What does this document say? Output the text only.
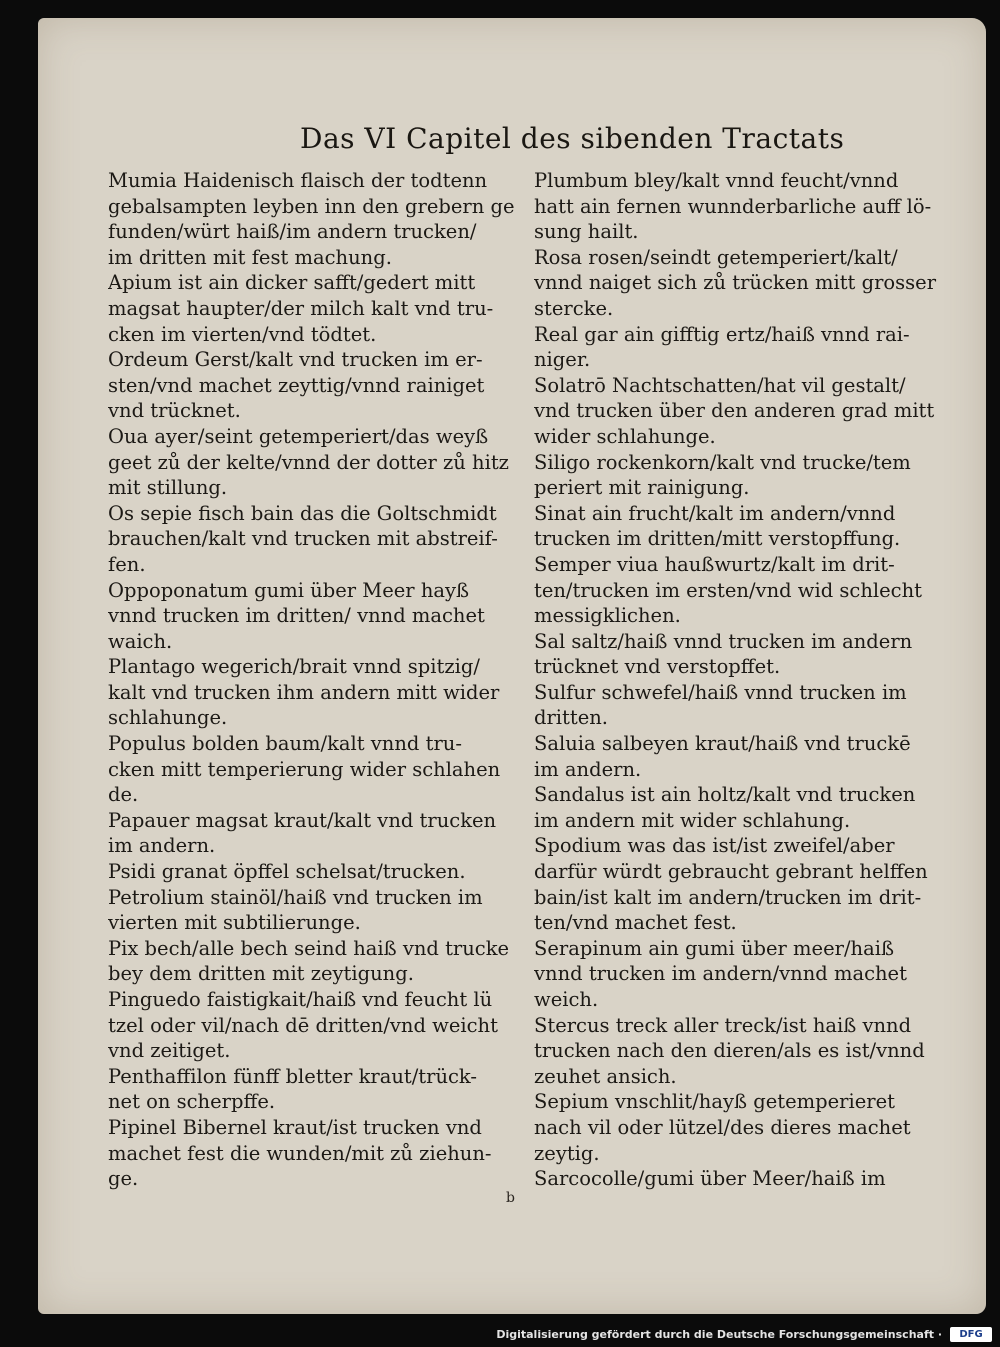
Das VI Capitel des sibenden Tractats
Mumia Haidenisch flaisch der todtenn
gebalsampten leyben inn den grebern ge
funden/würt haiß/im andern trucken/
im dritten mit fest machung.
Apium ist ain dicker safft/gedert mitt
magsat haupter/der milch kalt vnd tru-
cken im vierten/vnd tödtet.
Ordeum Gerst/kalt vnd trucken im er-
sten/vnd machet zeyttig/vnnd rainiget
vnd trücknet.
Oua ayer/seint getemperiert/das weyß
geet zů der kelte/vnnd der dotter zů hitz
mit stillung.
Os sepie fisch bain das die Goltschmidt
brauchen/kalt vnd trucken mit abstreif-
fen.
Oppoponatum gumi über Meer hayß
vnnd trucken im dritten/ vnnd machet
waich.
Plantago wegerich/brait vnnd spitzig/
kalt vnd trucken ihm andern mitt wider
schlahunge.
Populus bolden baum/kalt vnnd tru-
cken mitt temperierung wider schlahen
de.
Papauer magsat kraut/kalt vnd trucken
im andern.
Psidi granat öpffel schelsat/trucken.
Petrolium stainöl/haiß vnd trucken im
vierten mit subtilierunge.
Pix bech/alle bech seind haiß vnd trucke
bey dem dritten mit zeytigung.
Pinguedo faistigkait/haiß vnd feucht lü
tzel oder vil/nach dē dritten/vnd weicht
vnd zeitiget.
Penthaffilon fünff bletter kraut/trück-
net on scherpffe.
Pipinel Bibernel kraut/ist trucken vnd
machet fest die wunden/mit zů ziehun-
ge.
Plumbum bley/kalt vnnd feucht/vnnd
hatt ain fernen wunnderbarliche auff lö-
sung hailt.
Rosa rosen/seindt getemperiert/kalt/
vnnd naiget sich zů trücken mitt grosser
stercke.
Real gar ain gifftig ertz/haiß vnnd rai-
niger.
Solatrō Nachtschatten/hat vil gestalt/
vnd trucken über den anderen grad mitt
wider schlahunge.
Siligo rockenkorn/kalt vnd trucke/tem
periert mit rainigung.
Sinat ain frucht/kalt im andern/vnnd
trucken im dritten/mitt verstopffung.
Semper viua haußwurtz/kalt im drit-
ten/trucken im ersten/vnd wid schlecht
messigklichen.
Sal saltz/haiß vnnd trucken im andern
trücknet vnd verstopffet.
Sulfur schwefel/haiß vnnd trucken im
dritten.
Saluia salbeyen kraut/haiß vnd truckē
im andern.
Sandalus ist ain holtz/kalt vnd trucken
im andern mit wider schlahung.
Spodium was das ist/ist zweifel/aber
darfür würdt gebraucht gebrant helffen
bain/ist kalt im andern/trucken im drit-
ten/vnd machet fest.
Serapinum ain gumi über meer/haiß
vnnd trucken im andern/vnnd machet
weich.
Stercus treck aller treck/ist haiß vnnd
trucken nach den dieren/als es ist/vnnd
zeuhet ansich.
Sepium vnschlit/hayß getemperieret
nach vil oder lützel/des dieres machet
zeytig.
Sarcocolle/gumi über Meer/haiß im
b
Digitalisierung gefördert durch die Deutsche Forschungsgemeinschaft ·	DFG
